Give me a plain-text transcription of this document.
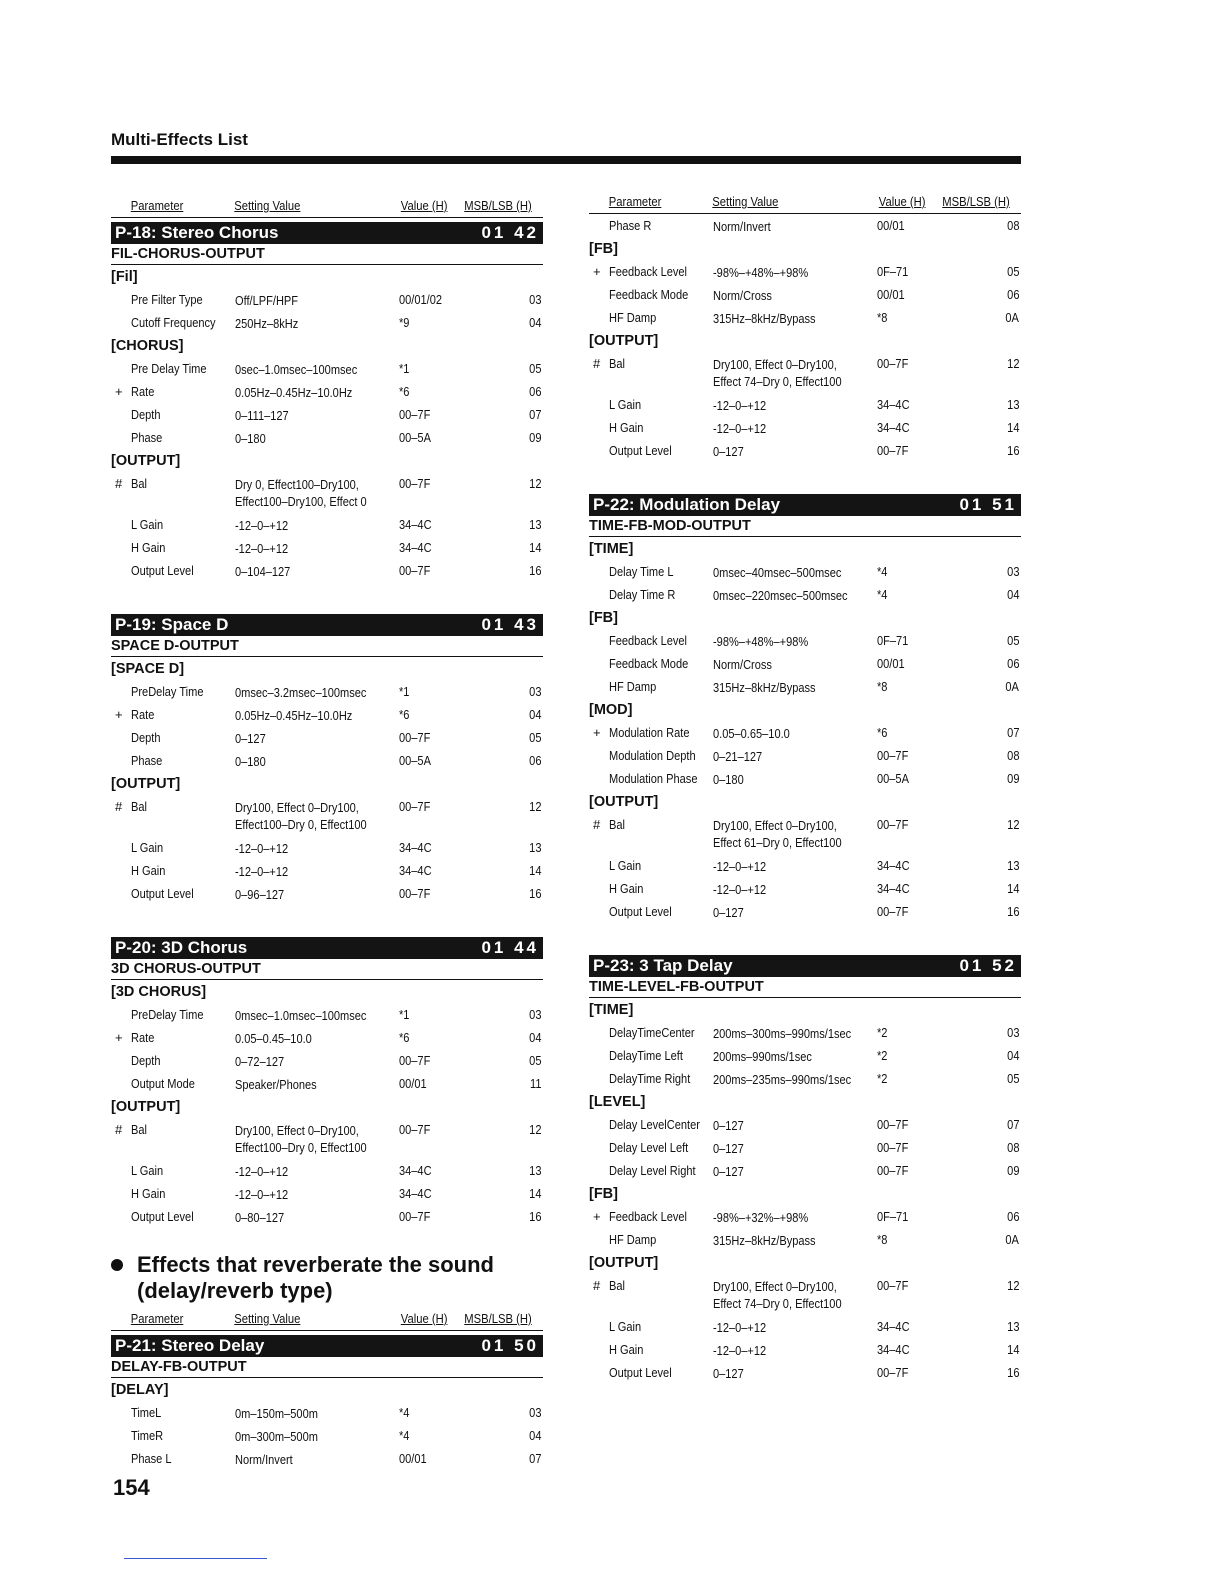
Multi-Effects List
Parameter	Setting Value	Value (H) MSB/LSB (H)
P-18: Stereo Chorus	01 42
FIL-CHORUS-OUTPUT
[Fil]
Pre Filter Type Off/LPF/HPF	00/01/02	03
Cutoff Frequency 250Hz–8kHz	*9	04
[CHORUS]
Pre Delay Time 0sec–1.0msec–100msec	*1	05
+ Rate	0.05Hz–0.45Hz–10.0Hz	*6	06
Depth	0–111–127	00–7F	07
Phase	0–180	00–5A	09
[OUTPUT]
# Bal	Dry 0, Effect100–Dry100,
Effect100–Dry100, Effect 0
00–7F	12
L Gain	-12–0–+12	34–4C	13
H Gain	-12–0–+12	34–4C	14
Output Level	0–104–127	00–7F	16
P-19: Space D	01 43
SPACE D-OUTPUT
[SPACE D]
PreDelay Time 0msec–3.2msec–100msec	*1	03
+ Rate	0.05Hz–0.45Hz–10.0Hz	*6	04
Depth	0–127	00–7F	05
Phase	0–180	00–5A	06
[OUTPUT]
# Bal	Dry100, Effect 0–Dry100,
Effect100–Dry 0, Effect100
00–7F	12
L Gain	-12–0–+12	34–4C	13
H Gain	-12–0–+12	34–4C	14
Output Level	0–96–127	00–7F	16
P-20: 3D Chorus	01 44
3D CHORUS-OUTPUT
[3D CHORUS]
PreDelay Time 0msec–1.0msec–100msec	*1	03
+ Rate	0.05–0.45–10.0	*6	04
Depth	0–72–127	00–7F	05
Output Mode	Speaker/Phones	00/01	11
[OUTPUT]
# Bal	Dry100, Effect 0–Dry100,
Effect100–Dry 0, Effect100
00–7F	12
L Gain	-12–0–+12	34–4C	13
H Gain	-12–0–+12	34–4C	14
Output Level	0–80–127	00–7F	16
Effects that reverberate the sound
(delay/reverb type)
Parameter	Setting Value	Value (H) MSB/LSB (H)
P-21: Stereo Delay	01 50
DELAY-FB-OUTPUT
[DELAY]
TimeL	0m–150m–500m	*4	03
TimeR	0m–300m–500m	*4	04
Phase L	Norm/Invert	00/01	07
Parameter	Setting Value	Value (H) MSB/LSB (H)
Phase R	Norm/Invert	00/01	08
[FB]
+ Feedback Level -98%–+48%–+98%	0F–71	05
Feedback Mode Norm/Cross	00/01	06
HF Damp	315Hz–8kHz/Bypass	*8	0A
[OUTPUT]
# Bal	Dry100, Effect 0–Dry100,
Effect 74–Dry 0, Effect100
00–7F	12
L Gain	-12–0–+12	34–4C	13
H Gain	-12–0–+12	34–4C	14
Output Level	0–127	00–7F	16
P-22: Modulation Delay	01 51
TIME-FB-MOD-OUTPUT
[TIME]
Delay Time L	0msec–40msec–500msec	*4	03
Delay Time R	0msec–220msec–500msec *4	04
[FB]
Feedback Level -98%–+48%–+98%	0F–71	05
Feedback Mode Norm/Cross	00/01	06
HF Damp	315Hz–8kHz/Bypass	*8	0A
[MOD]
+ Modulation Rate 0.05–0.65–10.0	*6	07
Modulation Depth 0–21–127	00–7F	08
Modulation Phase 0–180	00–5A	09
[OUTPUT]
# Bal	Dry100, Effect 0–Dry100,
Effect 61–Dry 0, Effect100
00–7F	12
L Gain	-12–0–+12	34–4C	13
H Gain	-12–0–+12	34–4C	14
Output Level	0–127	00–7F	16
P-23: 3 Tap Delay	01 52
TIME-LEVEL-FB-OUTPUT
[TIME]
DelayTimeCenter 200ms–300ms–990ms/1sec *2	03
DelayTime Left 200ms–990ms/1sec	*2	04
DelayTime Right 200ms–235ms–990ms/1sec *2	05
[LEVEL]
Delay LevelCenter 0–127	00–7F	07
Delay Level Left 0–127	00–7F	08
Delay Level Right 0–127	00–7F	09
[FB]
+ Feedback Level -98%–+32%–+98%	0F–71	06
HF Damp	315Hz–8kHz/Bypass	*8	0A
[OUTPUT]
# Bal	Dry100, Effect 0–Dry100,
Effect 74–Dry 0, Effect100
00–7F	12
L Gain	-12–0–+12	34–4C	13
H Gain	-12–0–+12	34–4C	14
Output Level	0–127	00–7F	16
154
